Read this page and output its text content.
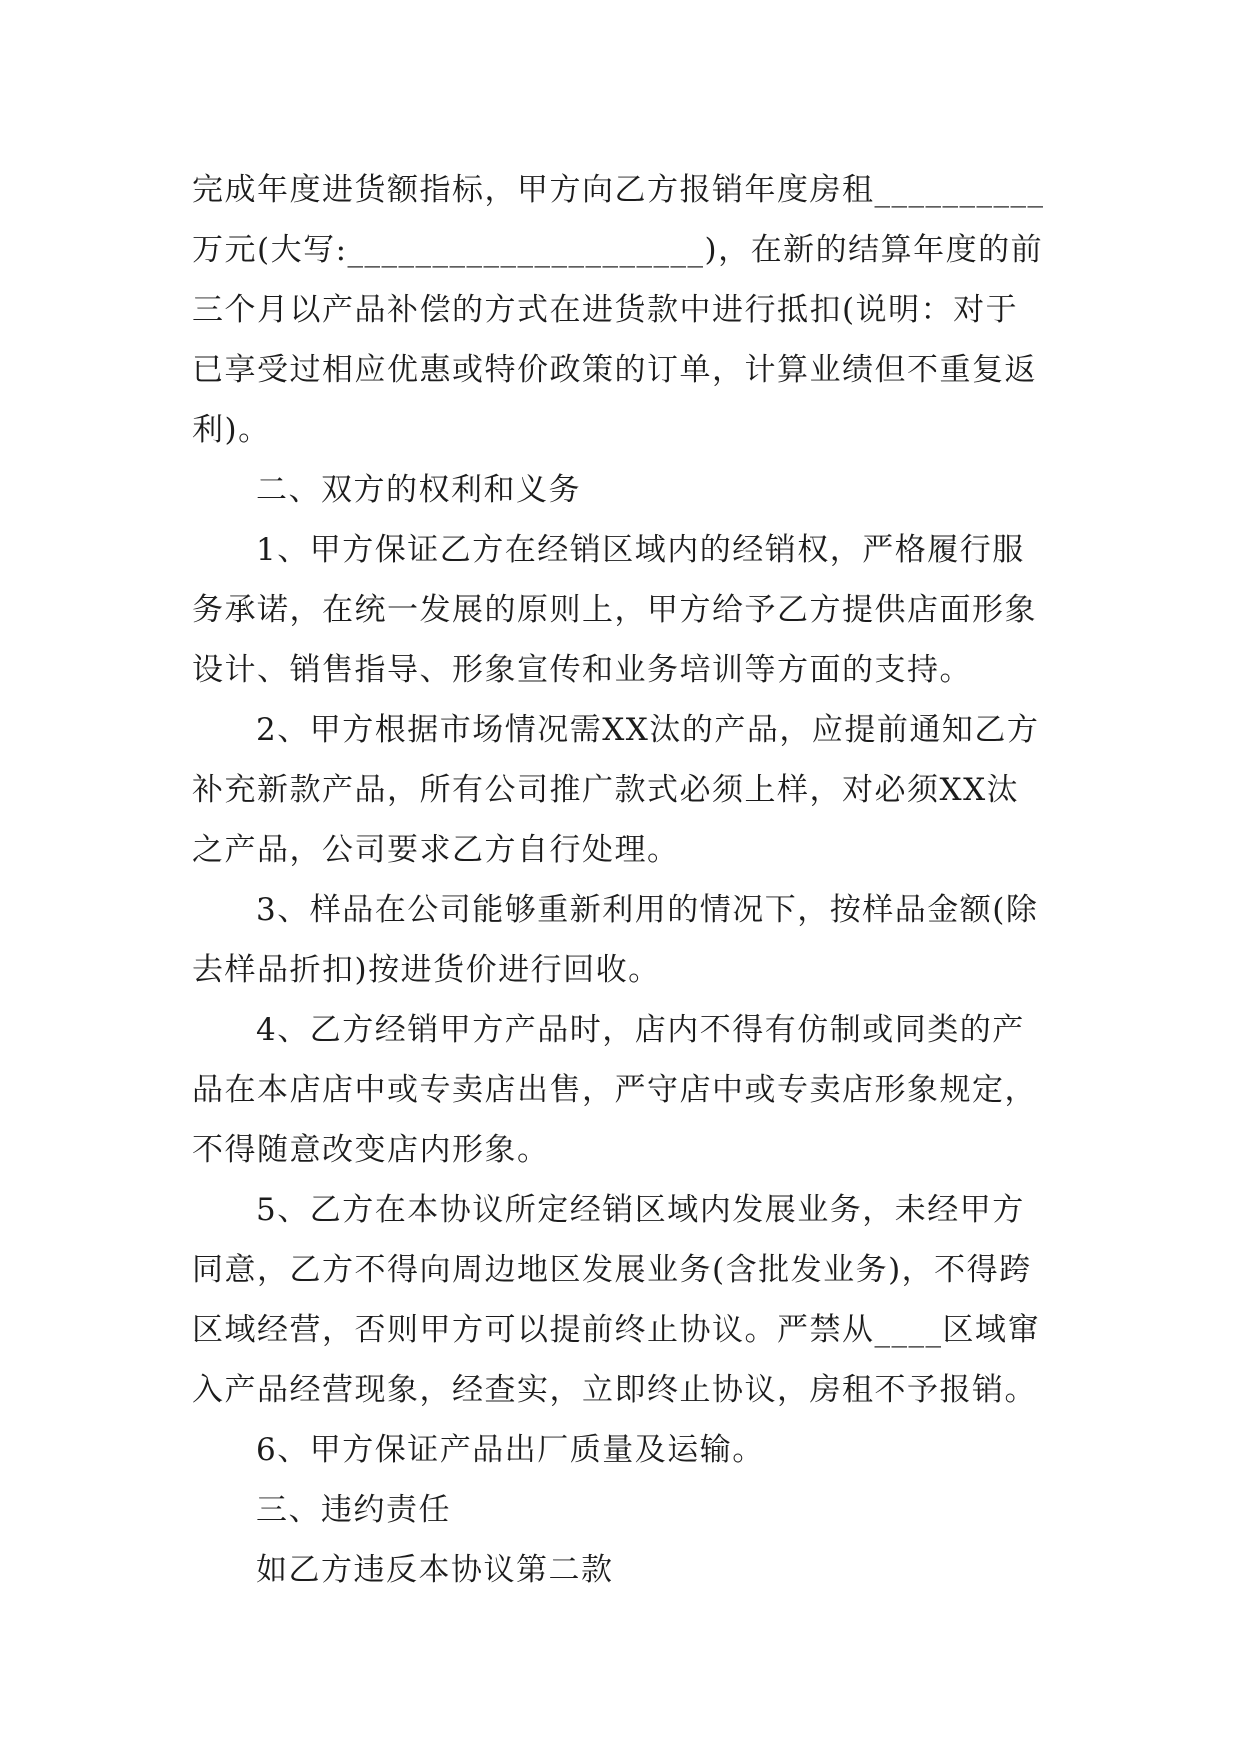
完成年度进货额指标，甲方向乙方报销年度房租__________
万元(大写:_____________________)，在新的结算年度的前
三个月以产品补偿的方式在进货款中进行抵扣(说明：对于
已享受过相应优惠或特价政策的订单，计算业绩但不重复返
利)。
二、双方的权利和义务
1、甲方保证乙方在经销区域内的经销权，严格履行服
务承诺，在统一发展的原则上，甲方给予乙方提供店面形象
设计、销售指导、形象宣传和业务培训等方面的支持。
2、甲方根据市场情况需XX汰的产品，应提前通知乙方
补充新款产品，所有公司推广款式必须上样，对必须XX汰
之产品，公司要求乙方自行处理。
3、样品在公司能够重新利用的情况下，按样品金额(除
去样品折扣)按进货价进行回收。
4、乙方经销甲方产品时，店内不得有仿制或同类的产
品在本店店中或专卖店出售，严守店中或专卖店形象规定，
不得随意改变店内形象。
5、乙方在本协议所定经销区域内发展业务，未经甲方
同意，乙方不得向周边地区发展业务(含批发业务)，不得跨
区域经营，否则甲方可以提前终止协议。严禁从____区域窜
入产品经营现象，经查实，立即终止协议，房租不予报销。
6、甲方保证产品出厂质量及运输。
三、违约责任
如乙方违反本协议第二款
